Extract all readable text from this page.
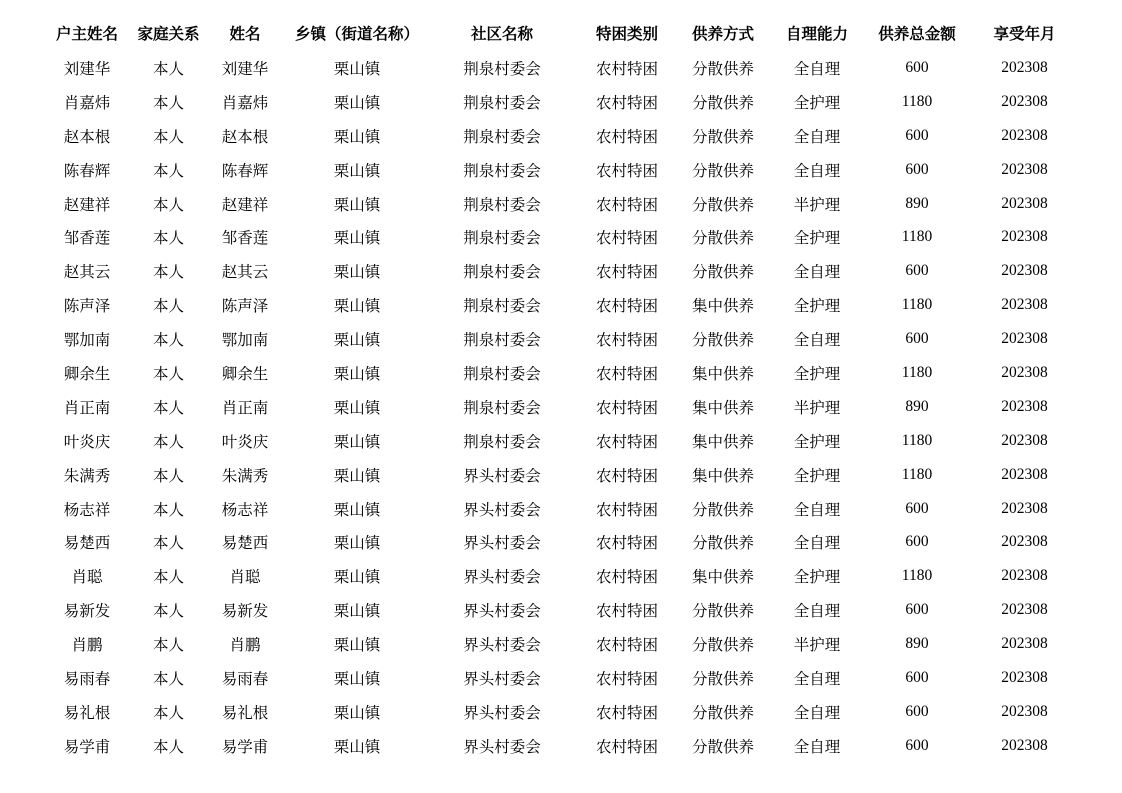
户主姓名	家庭关系	姓名	乡镇（街道名称）	社区名称	特困类别	供养方式	自理能力	供养总金额	享受年月
刘建华	本人	刘建华	栗山镇	荆泉村委会	农村特困	分散供养	全自理	600	202308
肖嘉炜	本人	肖嘉炜	栗山镇	荆泉村委会	农村特困	分散供养	全护理	1180	202308
赵本根	本人	赵本根	栗山镇	荆泉村委会	农村特困	分散供养	全自理	600	202308
陈春辉	本人	陈春辉	栗山镇	荆泉村委会	农村特困	分散供养	全自理	600	202308
赵建祥	本人	赵建祥	栗山镇	荆泉村委会	农村特困	分散供养	半护理	890	202308
邹香莲	本人	邹香莲	栗山镇	荆泉村委会	农村特困	分散供养	全护理	1180	202308
赵其云	本人	赵其云	栗山镇	荆泉村委会	农村特困	分散供养	全自理	600	202308
陈声泽	本人	陈声泽	栗山镇	荆泉村委会	农村特困	集中供养	全护理	1180	202308
鄂加南	本人	鄂加南	栗山镇	荆泉村委会	农村特困	分散供养	全自理	600	202308
卿余生	本人	卿余生	栗山镇	荆泉村委会	农村特困	集中供养	全护理	1180	202308
肖正南	本人	肖正南	栗山镇	荆泉村委会	农村特困	集中供养	半护理	890	202308
叶炎庆	本人	叶炎庆	栗山镇	荆泉村委会	农村特困	集中供养	全护理	1180	202308
朱满秀	本人	朱满秀	栗山镇	界头村委会	农村特困	集中供养	全护理	1180	202308
杨志祥	本人	杨志祥	栗山镇	界头村委会	农村特困	分散供养	全自理	600	202308
易楚西	本人	易楚西	栗山镇	界头村委会	农村特困	分散供养	全自理	600	202308
肖聪	本人	肖聪	栗山镇	界头村委会	农村特困	集中供养	全护理	1180	202308
易新发	本人	易新发	栗山镇	界头村委会	农村特困	分散供养	全自理	600	202308
肖鹏	本人	肖鹏	栗山镇	界头村委会	农村特困	分散供养	半护理	890	202308
易雨春	本人	易雨春	栗山镇	界头村委会	农村特困	分散供养	全自理	600	202308
易礼根	本人	易礼根	栗山镇	界头村委会	农村特困	分散供养	全自理	600	202308
易学甫	本人	易学甫	栗山镇	界头村委会	农村特困	分散供养	全自理	600	202308
